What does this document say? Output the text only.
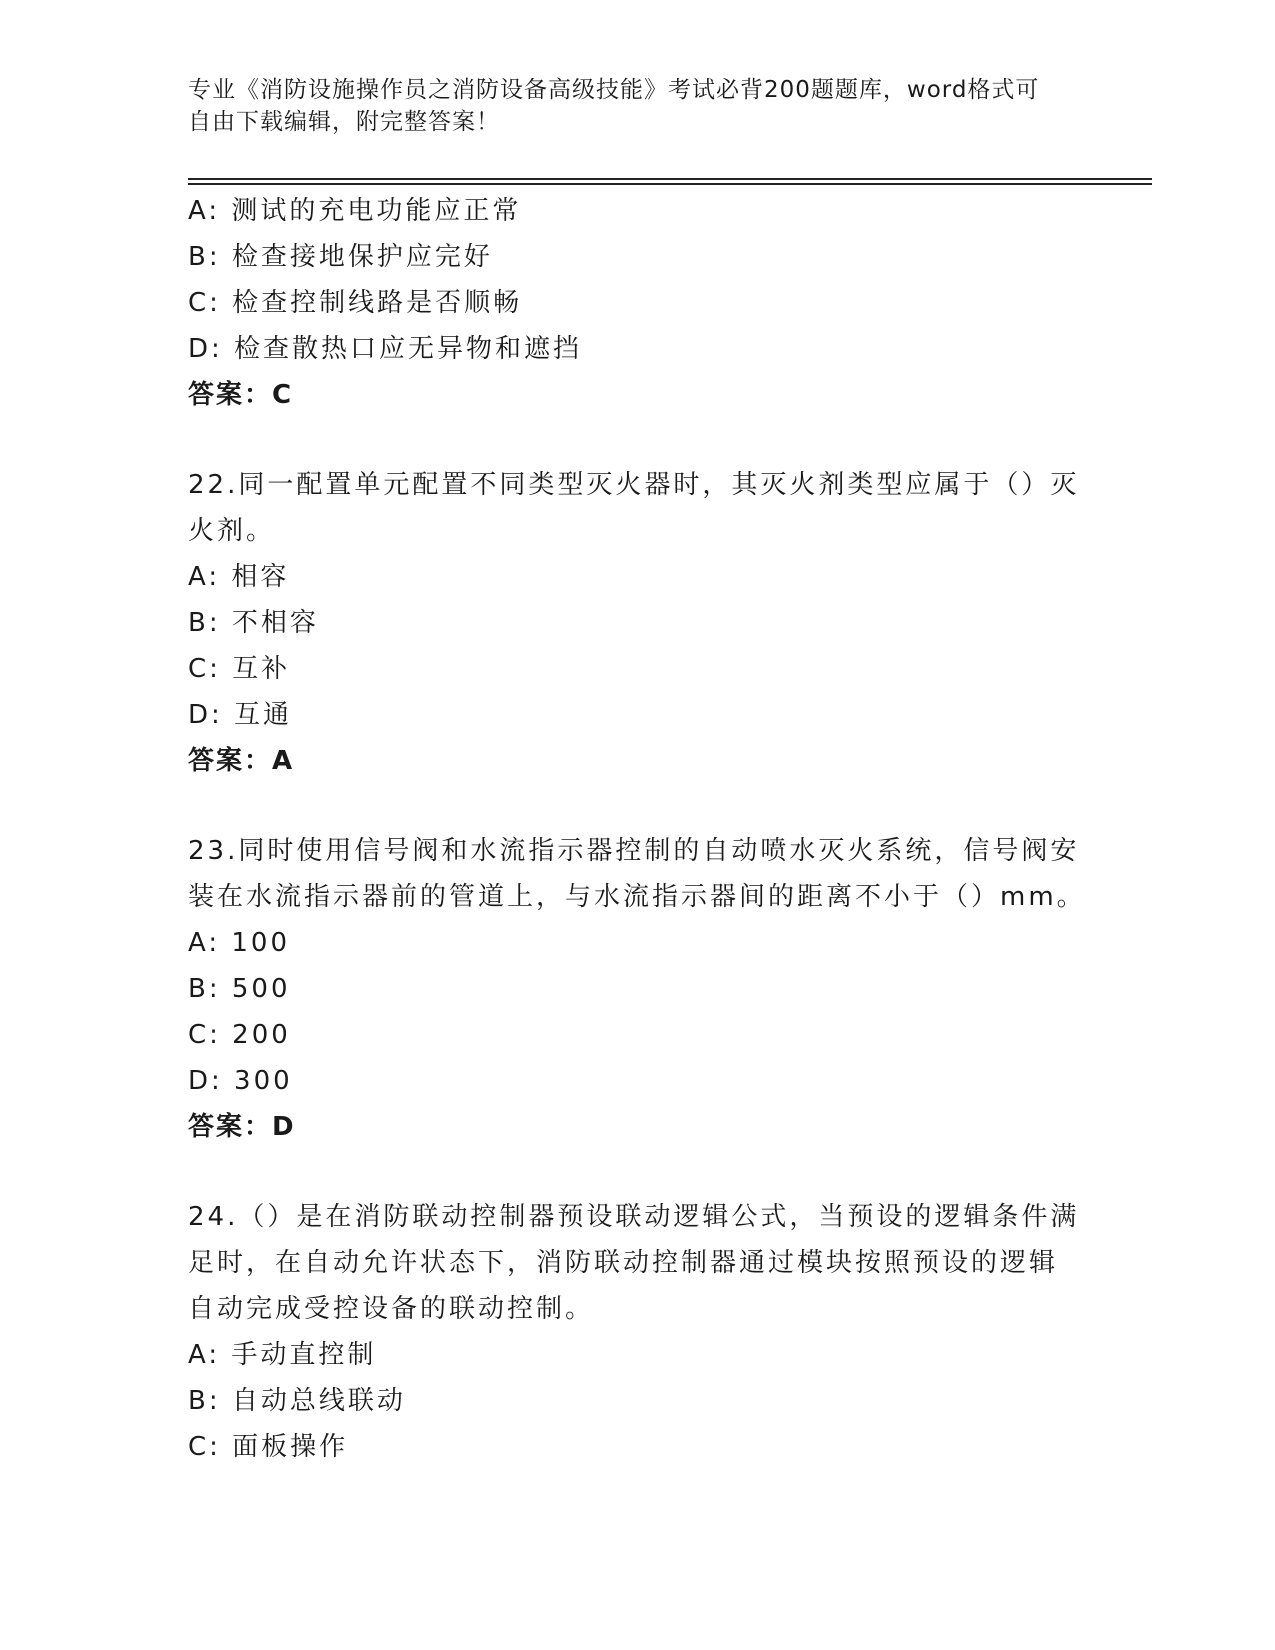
专业《消防设施操作员之消防设备高级技能》考试必背200题题库，word格式可
自由下载编辑，附完整答案！
A: 测试的充电功能应正常
B: 检查接地保护应完好
C: 检查控制线路是否顺畅
D: 检查散热口应无异物和遮挡
答案：C
22.同一配置单元配置不同类型灭火器时，其灭火剂类型应属于（）灭
火剂。
A: 相容
B: 不相容
C: 互补
D: 互通
答案：A
23.同时使用信号阀和水流指示器控制的自动喷水灭火系统，信号阀安
装在水流指示器前的管道上，与水流指示器间的距离不小于（）mm。
A: 100
B: 500
C: 200
D: 300
答案：D
24.（）是在消防联动控制器预设联动逻辑公式，当预设的逻辑条件满
足时，在自动允许状态下，消防联动控制器通过模块按照预设的逻辑
自动完成受控设备的联动控制。
A: 手动直控制
B: 自动总线联动
C: 面板操作
